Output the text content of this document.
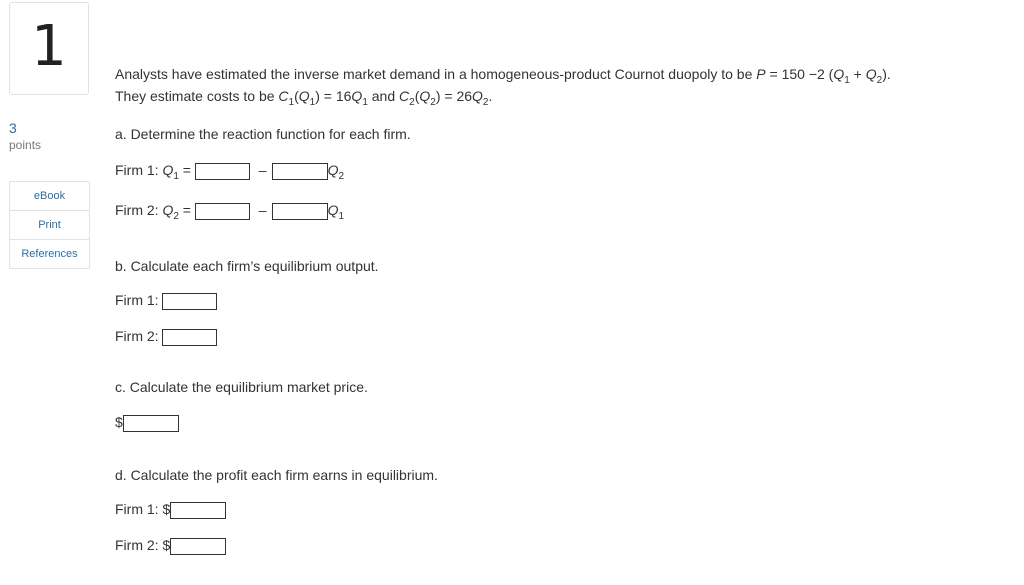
1
3
points
eBook
Print
References
Analysts have estimated the inverse market demand in a homogeneous-product Cournot duopoly to be P = 150 −2 $(Q_1 + Q_2)$.
They estimate costs to be $C_1(Q_1) = 16Q_1$ and $C_2(Q_2) = 26Q_2$.
a. Determine the reaction function for each firm.
Firm 1: $Q_1$ =	–	$Q_2$
Firm 2: $Q_2$ =	–	$Q_1$
b. Calculate each firm’s equilibrium output.
Firm 1:
Firm 2:
c. Calculate the equilibrium market price.
$
d. Calculate the profit each firm earns in equilibrium.
Firm 1: $
Firm 2: $
